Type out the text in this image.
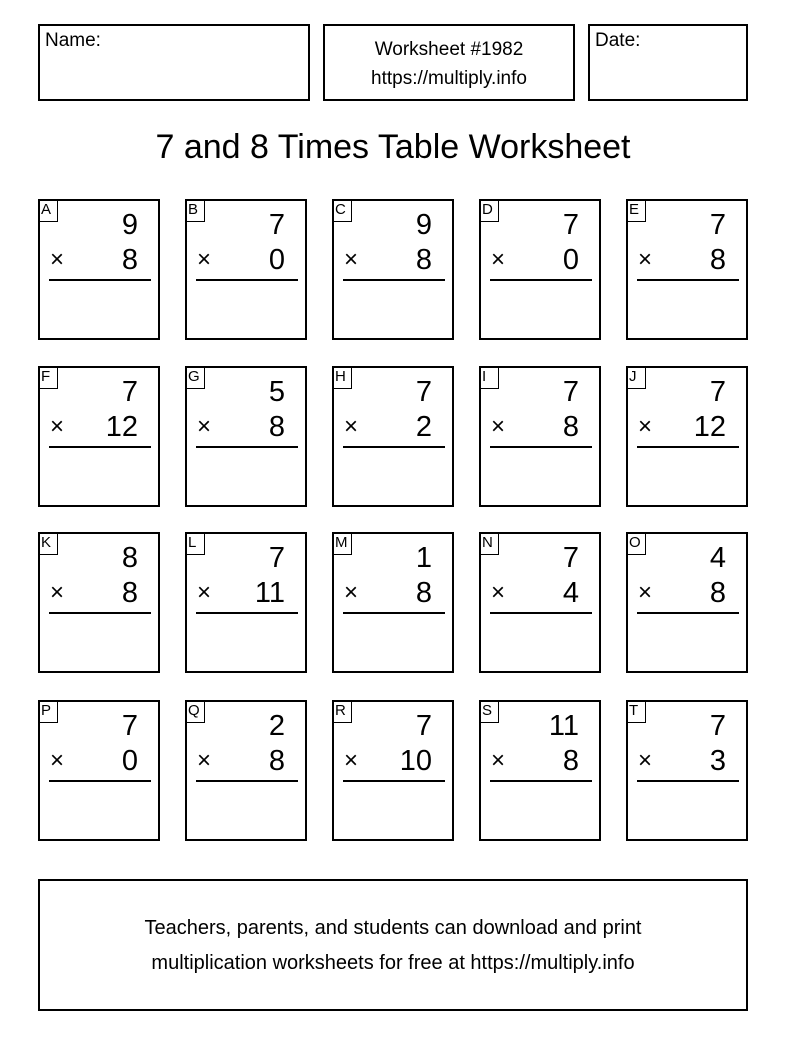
Name:	Worksheet #1982
https://multiply.info
Date:
7 and 8 Times Table Worksheet
A 9
× 8
B 7
× 0
C 9
× 8
D 7
× 0
E 7
× 8
F 7
× 12
G 5
× 8
H 7
× 2
I	7
× 8
J	7
× 12
K 8
× 8
L	7
× 11
M 1
× 8
N 7
× 4
O 4
× 8
P 7
× 0
Q 2
× 8
R 7
× 10
S 11
× 8
T 7
× 3
Teachers, parents, and students can download and print
multiplication worksheets for free at https://multiply.info
